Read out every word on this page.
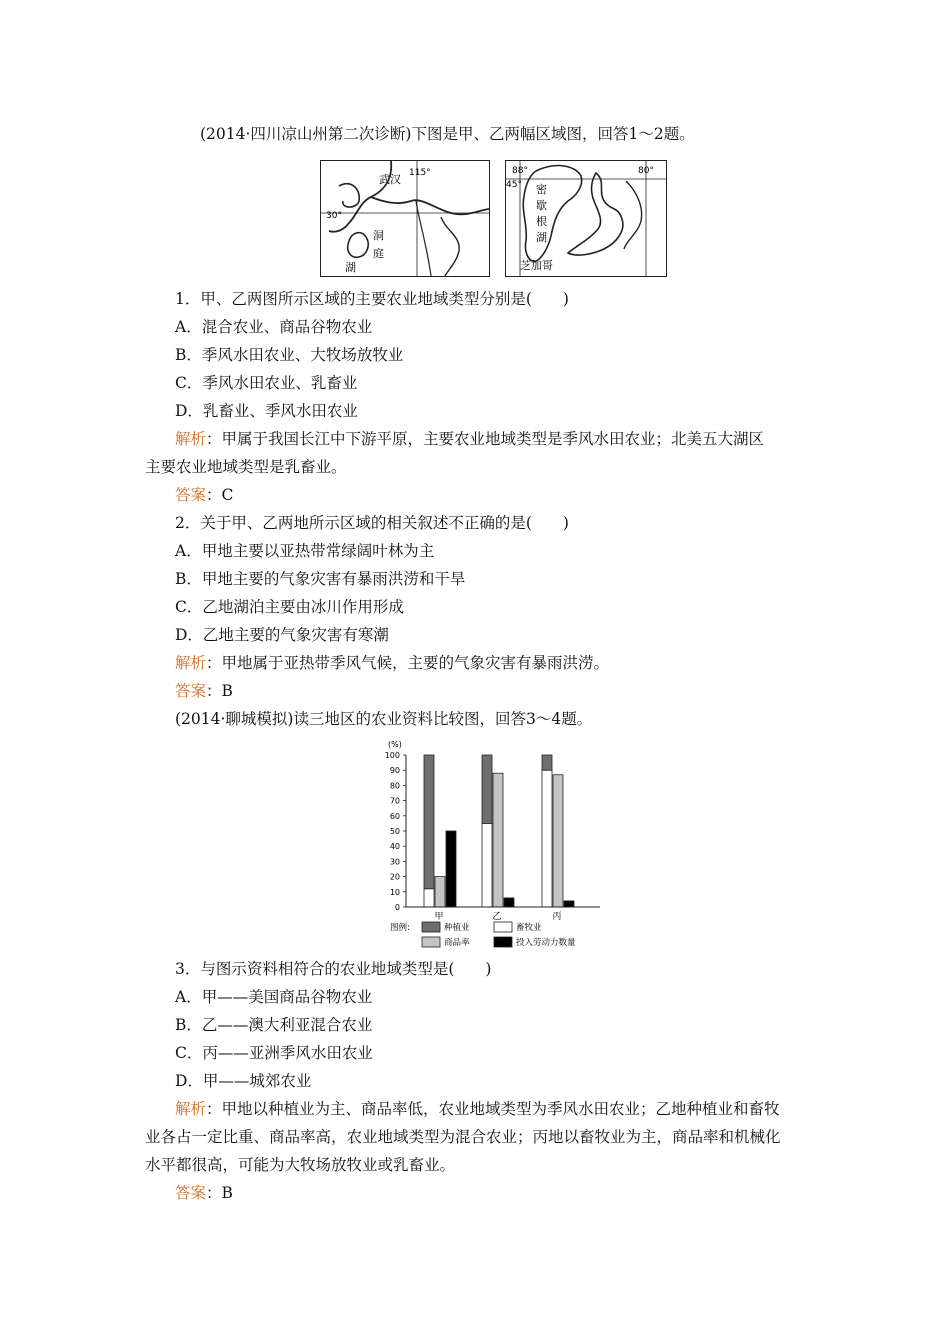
(2014·四川凉山州第二次诊断)下图是甲、乙两幅区域图，回答1～2题。
115°
30°
武汉
洞
庭
湖
88°	80°
45° 密
歇
根
湖
芝加哥
1．甲、乙两图所示区域的主要农业地域类型分别是(　　)
A．混合农业、商品谷物农业
B．季风水田农业、大牧场放牧业
C．季风水田农业、乳畜业
D．乳畜业、季风水田农业
解析：甲属于我国长江中下游平原，主要农业地域类型是季风水田农业；北美五大湖区
主要农业地域类型是乳畜业。
答案：C
2．关于甲、乙两地所示区域的相关叙述不正确的是(　　)
A．甲地主要以亚热带常绿阔叶林为主
B．甲地主要的气象灾害有暴雨洪涝和干旱
C．乙地湖泊主要由冰川作用形成
D．乙地主要的气象灾害有寒潮
解析：甲地属于亚热带季风气候，主要的气象灾害有暴雨洪涝。
答案：B
(2014·聊城模拟)读三地区的农业资料比较图，回答3～4题。
(%)
0
10
20
30
40
50
60
70
80
90
100
甲	乙	丙
图例:	种植业	畜牧业
商品率	投入劳动力数量
3．与图示资料相符合的农业地域类型是(　　)
A．甲——美国商品谷物农业
B．乙——澳大利亚混合农业
C．丙——亚洲季风水田农业
D．甲——城郊农业
解析：甲地以种植业为主、商品率低，农业地域类型为季风水田农业；乙地种植业和畜牧
业各占一定比重、商品率高，农业地域类型为混合农业；丙地以畜牧业为主，商品率和机械化
水平都很高，可能为大牧场放牧业或乳畜业。
答案：B
